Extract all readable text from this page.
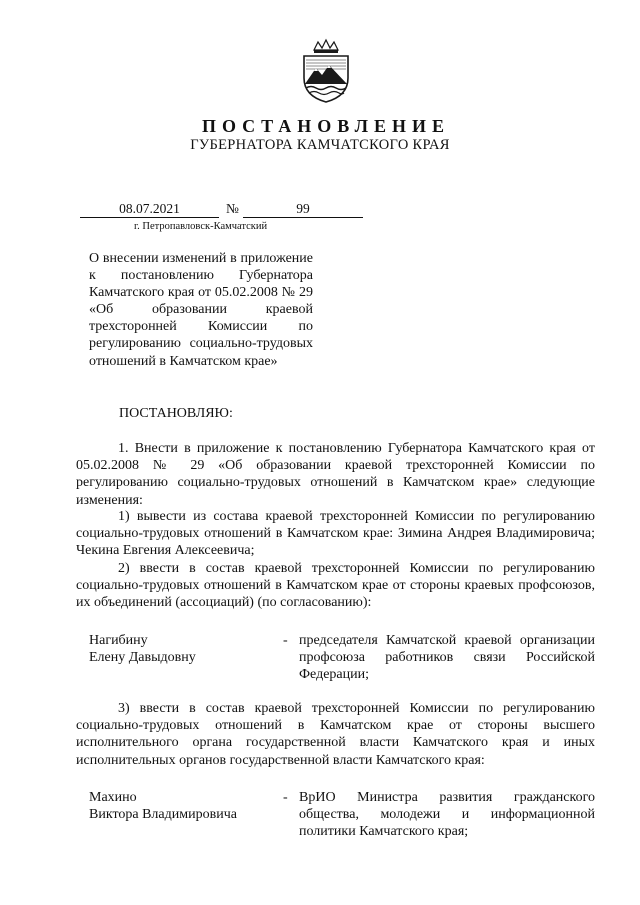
ПОСТАНОВЛЕНИЕ
ГУБЕРНАТОРА КАМЧАТСКОГО КРАЯ
08.07.2021	№	99
г. Петропавловск-Камчатский
О внесении изменений в приложение к постановлению Губернатора Камчатского края от 05.02.2008 № 29 «Об образовании краевой трехсторонней Комиссии по регулированию социально-трудовых отношений в Камчатском крае»
ПОСТАНОВЛЯЮ:
1. Внести в приложение к постановлению Губернатора Камчатского края от 05.02.2008 № 29 «Об образовании краевой трехсторонней Комиссии по регулированию социально-трудовых отношений в Камчатском крае» следующие изменения:
1) вывести из состава краевой трехсторонней Комиссии по регулированию социально-трудовых отношений в Камчатском крае: Зимина Андрея Владимировича; Чекина Евгения Алексеевича;
2) ввести в состав краевой трехсторонней Комиссии по регулированию социально-трудовых отношений в Камчатском крае от стороны краевых профсоюзов, их объединений (ассоциаций) (по согласованию):
Нагибину
Елену Давыдовну
- председателя Камчатской краевой организации профсоюза работников связи Российской Федерации;
3) ввести в состав краевой трехсторонней Комиссии по регулированию социально-трудовых отношений в Камчатском крае от стороны высшего исполнительного органа государственной власти Камчатского края и иных исполнительных органов государственной власти Камчатского края:
Махино
Виктора Владимировича
- ВрИО Министра развития гражданского общества, молодежи и информационной политики Камчатского края;
